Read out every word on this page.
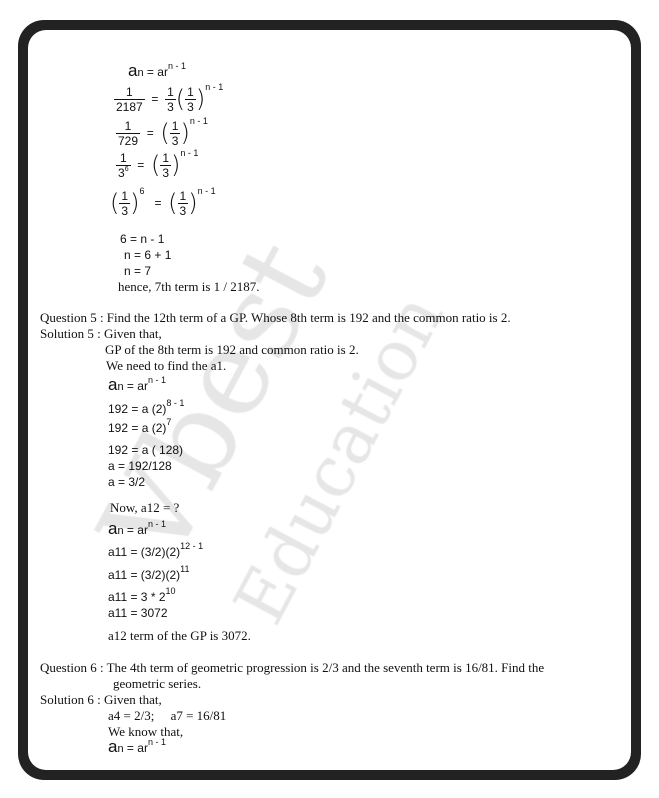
an = $ar^{n - 1}$
$\frac{1}{2187}$
=
$\frac{1}{3}$ ( $\frac{1}{3}$ ) n - 1
$\frac{1}{729}$
=
( $\frac{1}{3}$ ) n - 1
$\frac{1}{3^6}$
=
( $\frac{1}{3}$ ) n - 1
( $\frac{1}{3}$ ) 6

=
( $\frac{1}{3}$ ) n - 1
6 = n - 1
n = 6 + 1
n = 7
hence, 7th term is 1 / 2187.
Question 5 : Find the 12th term of a GP. Whose 8th term is 192 and the common ratio is 2.
Solution 5 : Given that,
GP of the 8th term is 192 and common ratio is 2.
We need to find the a1.
an = $ar^{n - 1}$
192 = a $(2)^{8 - 1}$
192 = a $(2)^7$
192 = a ( 128)
a = 192/128
a = 3/2
Now, a12 = ?
an = $ar^{n - 1}$
$a11 = (3/2)(2)^{12 - 1}$
$a11 = (3/2)(2)^{11}$
$a11 = 3 * 2^{10}$
a11 = 3072
a12 term of the GP is 3072.
Question 6 : The 4th term of geometric progression is 2/3 and the seventh term is 16/81. Find the
geometric series.
Solution 6 : Given that,
a4 = 2/3;     a7 = 16/81
We know that,
an = $ar^{n - 1}$
